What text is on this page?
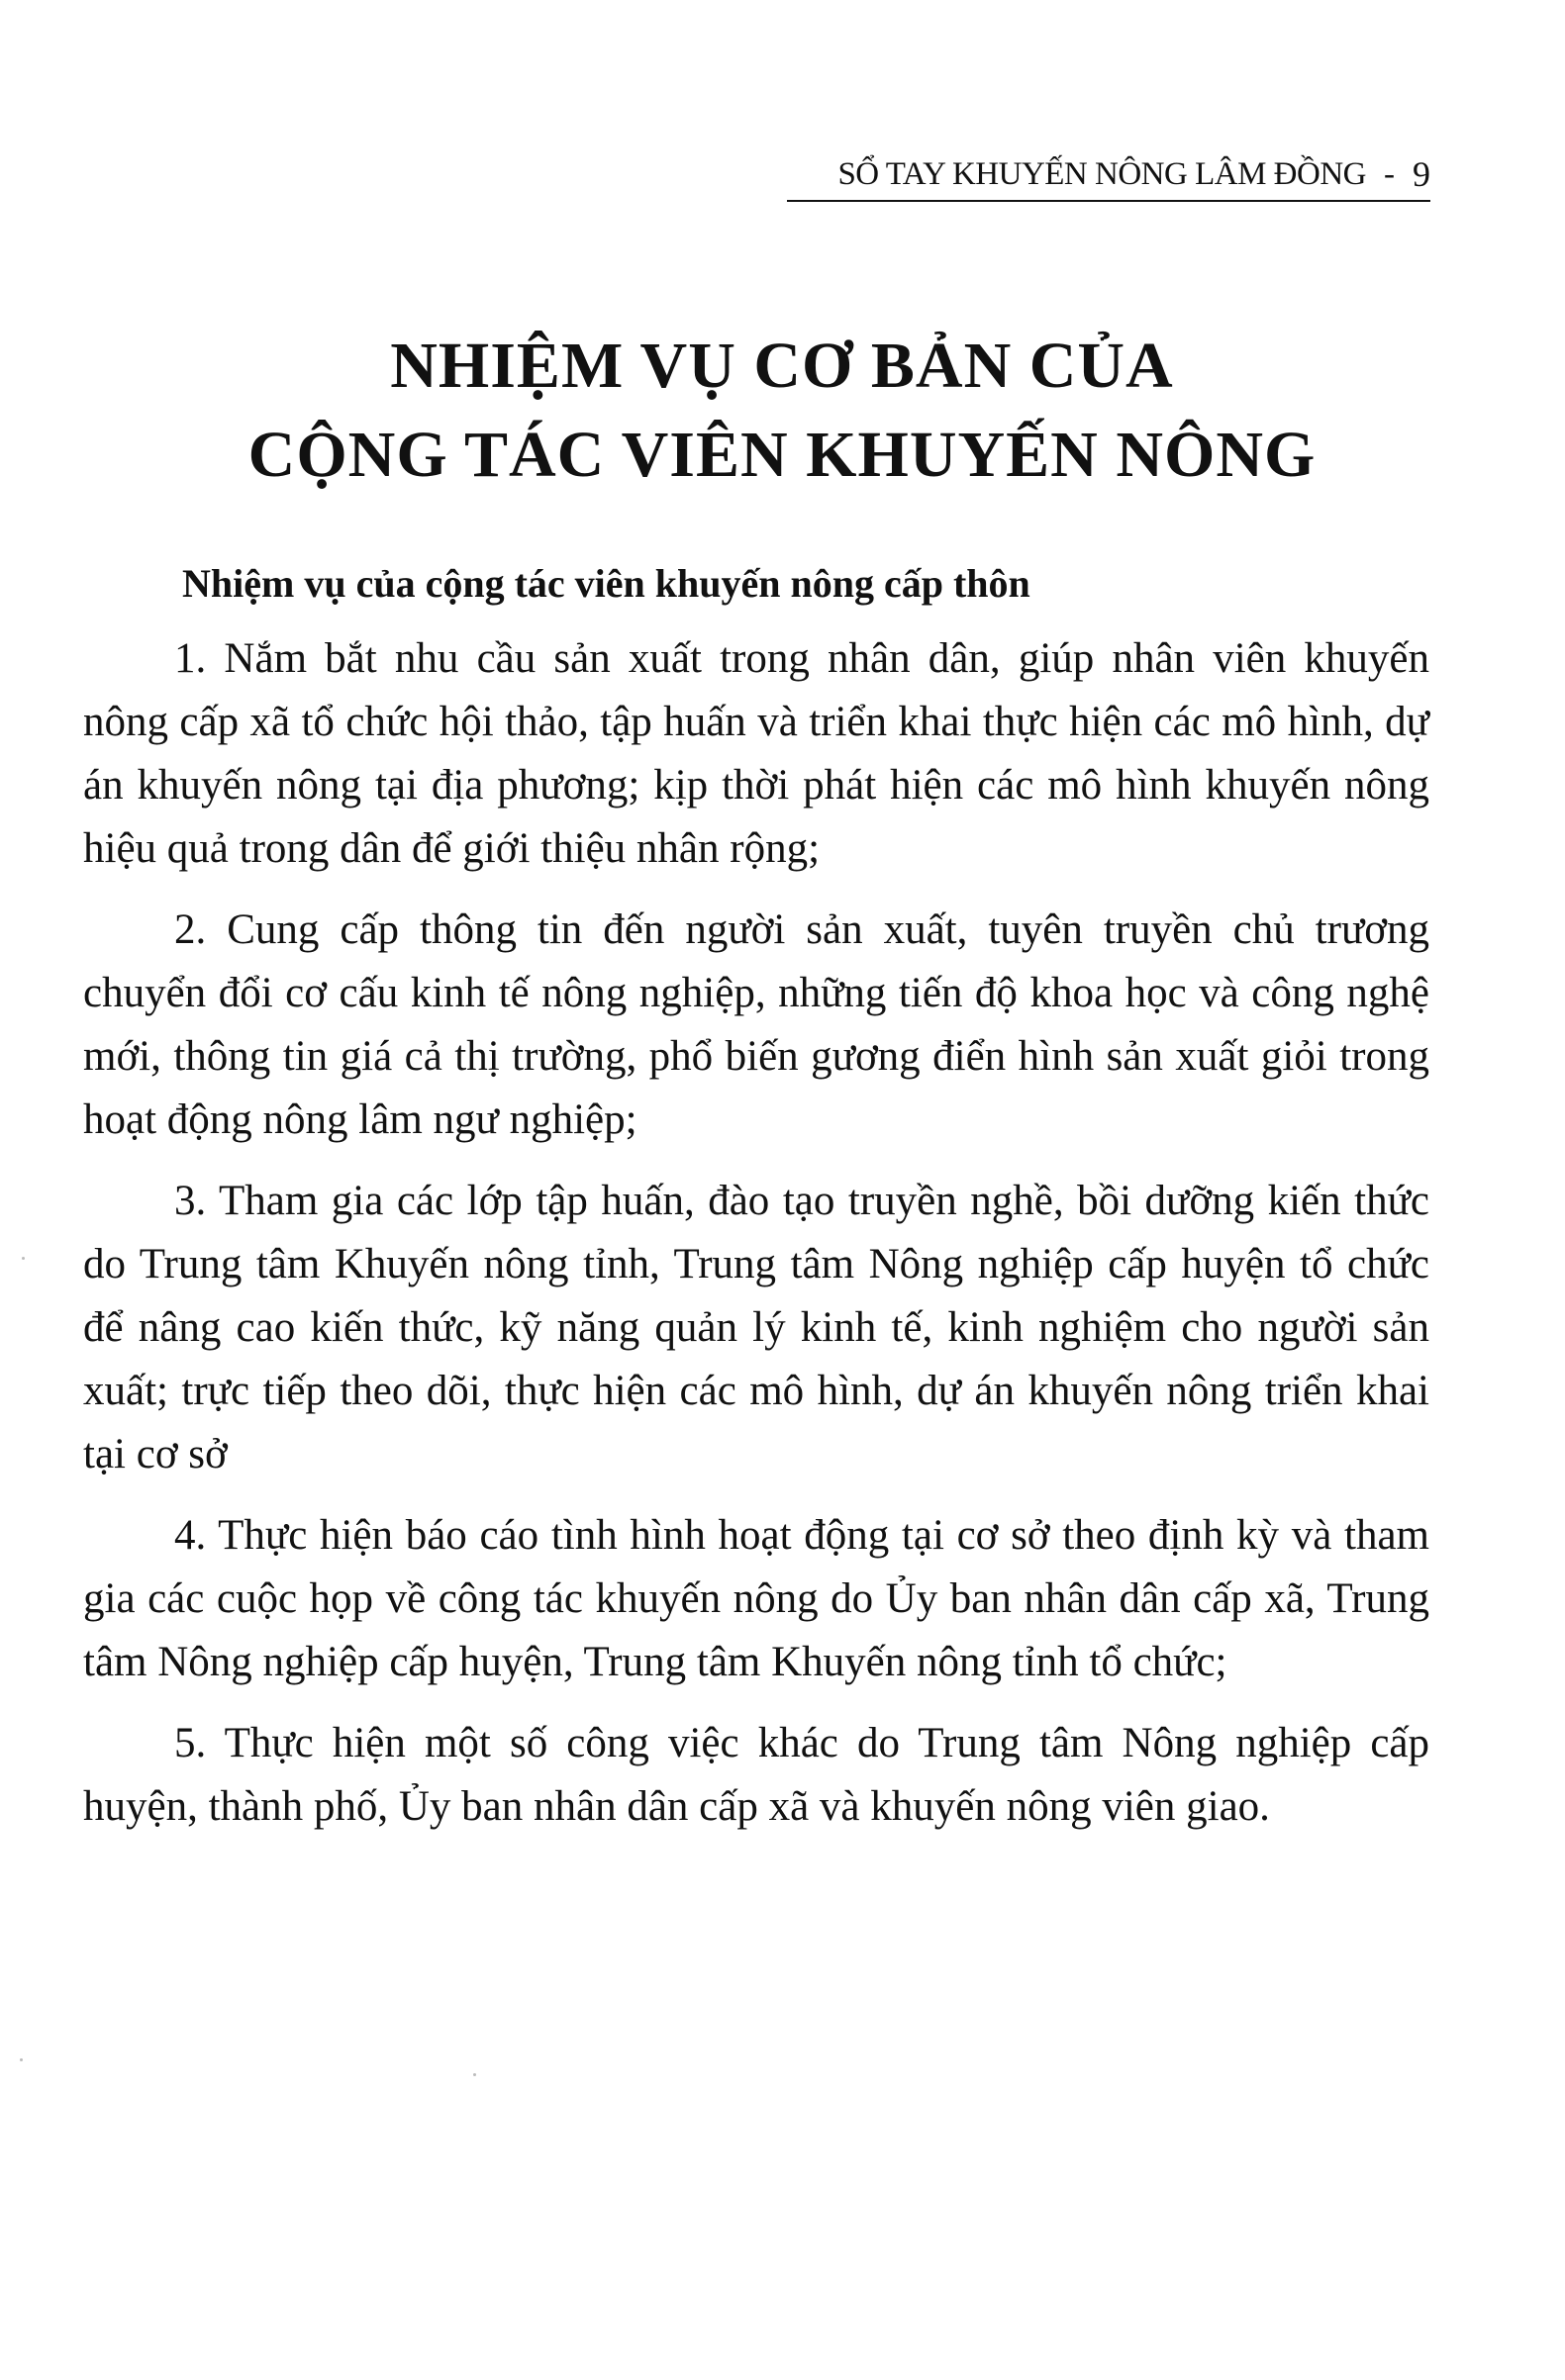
SỔ TAY KHUYẾN NÔNG LÂM ĐỒNG - 9
NHIỆM VỤ CƠ BẢN CỦA
CỘNG TÁC VIÊN KHUYẾN NÔNG
Nhiệm vụ của cộng tác viên khuyến nông cấp thôn

1. Nắm bắt nhu cầu sản xuất trong nhân dân, giúp nhân viên khuyến nông cấp xã tổ chức hội thảo, tập huấn và triển khai thực hiện các mô hình, dự án khuyến nông tại địa phương; kịp thời phát hiện các mô hình khuyến nông hiệu quả trong dân để giới thiệu nhân rộng;

2. Cung cấp thông tin đến người sản xuất, tuyên truyền chủ trương chuyển đổi cơ cấu kinh tế nông nghiệp, những tiến độ khoa học và công nghệ mới, thông tin giá cả thị trường, phổ biến gương điển hình sản xuất giỏi trong hoạt động nông lâm ngư nghiệp;

3. Tham gia các lớp tập huấn, đào tạo truyền nghề, bồi dưỡng kiến thức do Trung tâm Khuyến nông tỉnh, Trung tâm Nông nghiệp cấp huyện tổ chức để nâng cao kiến thức, kỹ năng quản lý kinh tế, kinh nghiệm cho người sản xuất; trực tiếp theo dõi, thực hiện các mô hình, dự án khuyến nông triển khai tại cơ sở

4. Thực hiện báo cáo tình hình hoạt động tại cơ sở theo định kỳ và tham gia các cuộc họp về công tác khuyến nông do Ủy ban nhân dân cấp xã, Trung tâm Nông nghiệp cấp huyện, Trung tâm Khuyến nông tỉnh tổ chức;

5. Thực hiện một số công việc khác do Trung tâm Nông nghiệp cấp huyện, thành phố, Ủy ban nhân dân cấp xã và khuyến nông viên giao.
